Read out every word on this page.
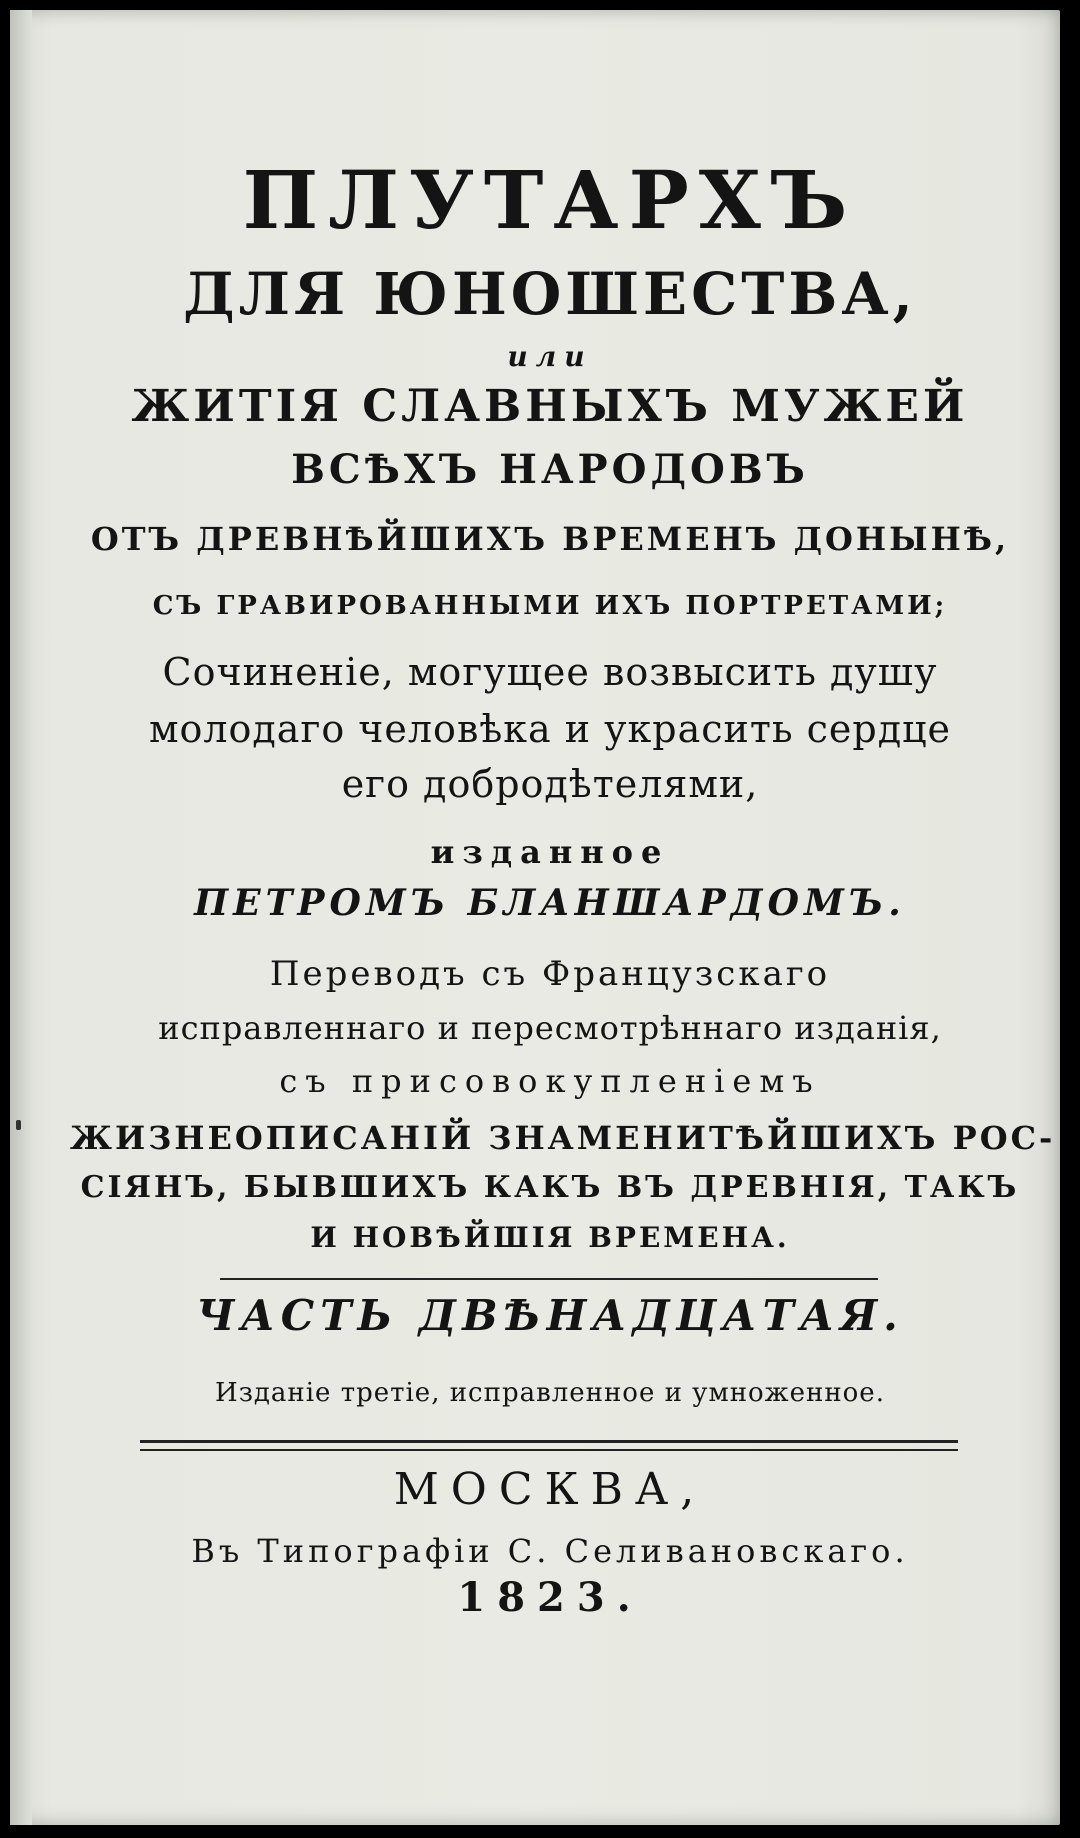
ПЛУТАРХЪ
ДЛЯ ЮНОШЕСТВА,
или
ЖИТІЯ СЛАВНЫХЪ МУЖЕЙ
ВСѢХЪ НАРОДОВЪ
ОТЪ ДРЕВНѢЙШИХЪ ВРЕМЕНЪ ДОНЫНѢ,
СЪ ГРАВИРОВАННЫМИ ИХЪ ПОРТРЕТАМИ;
Сочиненіе, могущее возвысить душу
молодаго человѣка и украсить сердце
его добродѣтелями,
изданное
ПЕТРОМЪ БЛАНШАРДОМЪ.
Переводъ съ Французскаго
исправленнаго и пересмотрѣннаго изданія,
съ присовокупленіемъ
ЖИЗНЕОПИСАНІЙ ЗНАМЕНИТѢЙШИХЪ РОС-
СІЯНЪ, БЫВШИХЪ КАКЪ ВЪ ДРЕВНІЯ, ТАКЪ
И НОВѢЙШІЯ ВРЕМЕНА.
ЧАСТЬ ДВѢНАДЦАТАЯ.
Изданіе третіе, исправленное и умноженное.
МОСКВА,
Въ Типографіи С. Селивановскаго.
1823.
